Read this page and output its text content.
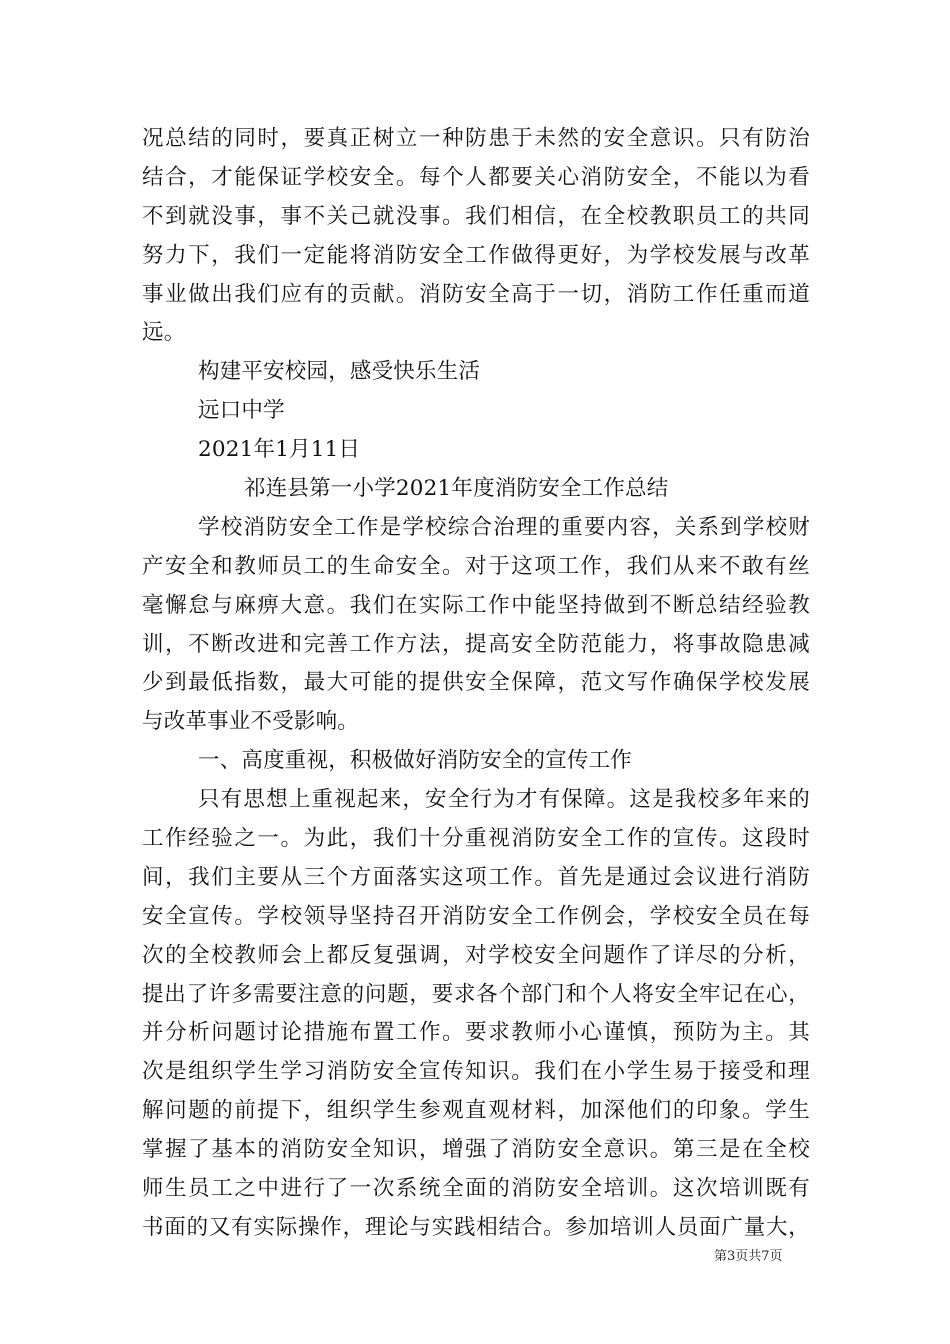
况总结的同时，要真正树立一种防患于未然的安全意识。只有防治
结合，才能保证学校安全。每个人都要关心消防安全，不能以为看
不到就没事，事不关己就没事。我们相信，在全校教职员工的共同
努力下，我们一定能将消防安全工作做得更好，为学校发展与改革
事业做出我们应有的贡献。消防安全高于一切，消防工作任重而道
远。
构建平安校园，感受快乐生活
远口中学
2021年1月11日
祁连县第一小学2021年度消防安全工作总结
学校消防安全工作是学校综合治理的重要内容，关系到学校财
产安全和教师员工的生命安全。对于这项工作，我们从来不敢有丝
毫懈怠与麻痹大意。我们在实际工作中能坚持做到不断总结经验教
训，不断改进和完善工作方法，提高安全防范能力，将事故隐患减
少到最低指数，最大可能的提供安全保障，范文写作确保学校发展
与改革事业不受影响。
一、高度重视，积极做好消防安全的宣传工作
只有思想上重视起来，安全行为才有保障。这是我校多年来的
工作经验之一。为此，我们十分重视消防安全工作的宣传。这段时
间，我们主要从三个方面落实这项工作。首先是通过会议进行消防
安全宣传。学校领导坚持召开消防安全工作例会，学校安全员在每
次的全校教师会上都反复强调，对学校安全问题作了详尽的分析，
提出了许多需要注意的问题，要求各个部门和个人将安全牢记在心，
并分析问题讨论措施布置工作。要求教师小心谨慎，预防为主。其
次是组织学生学习消防安全宣传知识。我们在小学生易于接受和理
解问题的前提下，组织学生参观直观材料，加深他们的印象。学生
掌握了基本的消防安全知识，增强了消防安全意识。第三是在全校
师生员工之中进行了一次系统全面的消防安全培训。这次培训既有
书面的又有实际操作，理论与实践相结合。参加培训人员面广量大，
第3页共7页
